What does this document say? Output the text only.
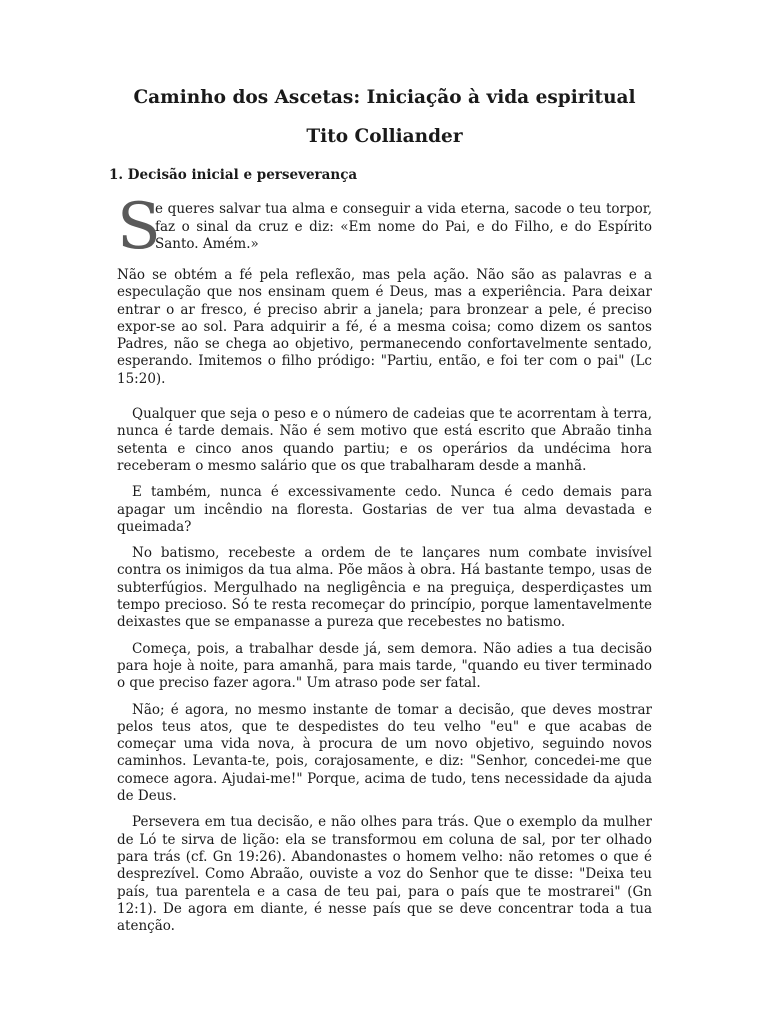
Caminho dos Ascetas: Iniciação à vida espiritual
Tito Colliander
1. Decisão inicial e perseverança
S
e queres salvar tua alma e conseguir a vida eterna, sacode o teu torpor, faz o sinal da cruz e diz: «Em nome do Pai, e do Filho, e do Espírito Santo. Amém.»

Não se obtém a fé pela reflexão, mas pela ação. Não são as palavras e a especulação que nos ensinam quem é Deus, mas a experiência. Para deixar entrar o ar fresco, é preciso abrir a janela; para bronzear a pele, é preciso expor-se ao sol. Para adquirir a fé, é a mesma coisa; como dizem os santos Padres, não se chega ao objetivo, permanecendo confortavelmente sentado, esperando. Imitemos o filho pródigo: "Partiu, então, e foi ter com o pai" (Lc 15:20).

Qualquer que seja o peso e o número de cadeias que te acorrentam à terra, nunca é tarde demais. Não é sem motivo que está escrito que Abraão tinha setenta e cinco anos quando partiu; e os operários da undécima hora receberam o mesmo salário que os que trabalharam desde a manhã.

E também, nunca é excessivamente cedo. Nunca é cedo demais para apagar um incêndio na floresta. Gostarias de ver tua alma devastada e queimada?

No batismo, recebeste a ordem de te lançares num combate invisível contra os inimigos da tua alma. Põe mãos à obra. Há bastante tempo, usas de subterfúgios. Mergulhado na negligência e na preguiça, desperdiçastes um tempo precioso. Só te resta recomeçar do princípio, porque lamentavelmente deixastes que se empanasse a pureza que recebestes no batismo.

Começa, pois, a trabalhar desde já, sem demora. Não adies a tua decisão para hoje à noite, para amanhã, para mais tarde, "quando eu tiver terminado o que preciso fazer agora." Um atraso pode ser fatal.

Não; é agora, no mesmo instante de tomar a decisão, que deves mostrar pelos teus atos, que te despedistes do teu velho "eu" e que acabas de começar uma vida nova, à procura de um novo objetivo, seguindo novos caminhos. Levanta-te, pois, corajosamente, e diz: "Senhor, concedei-me que comece agora. Ajudai-me!" Porque, acima de tudo, tens necessidade da ajuda de Deus.

Persevera em tua decisão, e não olhes para trás. Que o exemplo da mulher de Ló te sirva de lição: ela se transformou em coluna de sal, por ter olhado para trás (cf. Gn 19:26). Abandonastes o homem velho: não retomes o que é desprezível. Como Abraão, ouviste a voz do Senhor que te disse: "Deixa teu país, tua parentela e a casa de teu pai, para o país que te mostrarei" (Gn 12:1). De agora em diante, é nesse país que se deve concentrar toda a tua atenção.
